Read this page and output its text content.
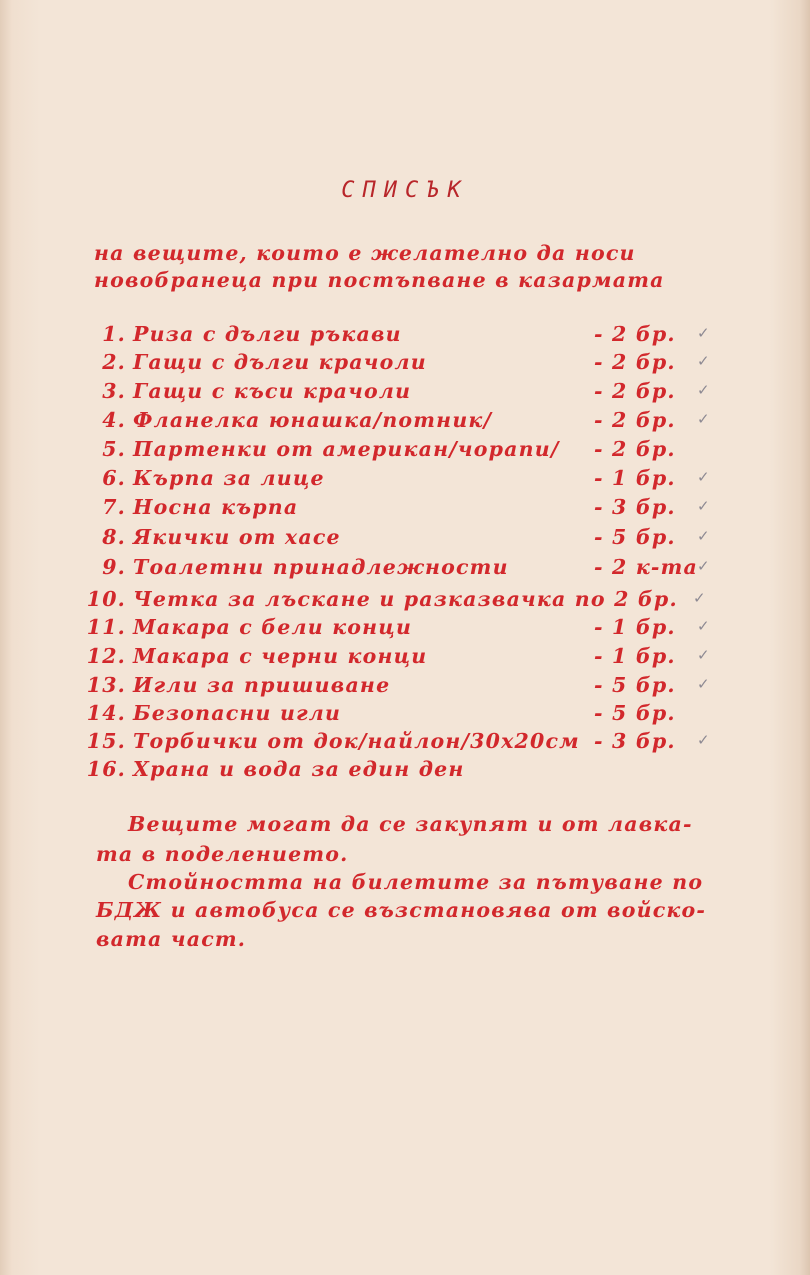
СПИСЪК
на вещите, които е желателно да носи
новобранеца при постъпване в казармата
1. Риза с дълги ръкави	- 2 бр. ✓
2. Гащи с дълги крачоли	- 2 бр. ✓
3. Гащи с къси крачоли	- 2 бр. ✓
4. Фланелка юнашка/потник/	- 2 бр. ✓
5. Партенки от американ/чорапи/ - 2 бр.
6. Кърпа за лице	- 1 бр. ✓
7. Носна кърпа	- 3 бр. ✓
8. Якички от хасе	- 5 бр. ✓
9. Тоалетни принадлежности	- 2 к-та
✓
10. Четка за лъскане и разказвачка по 2 бр. ✓
11. Макара с бели конци	- 1 бр. ✓
12. Макара с черни конци	- 1 бр. ✓
13. Игли за пришиване	- 5 бр. ✓
14. Безопасни игли	- 5 бр.
15. Торбички от док/найлон/30х20см - 3 бр. ✓
16. Храна и вода за един ден
Вещите могат да се закупят и от лавка-
та в поделението.
Стойността на билетите за пътуване по
БДЖ и автобуса се възстановява от войско-
вата част.
